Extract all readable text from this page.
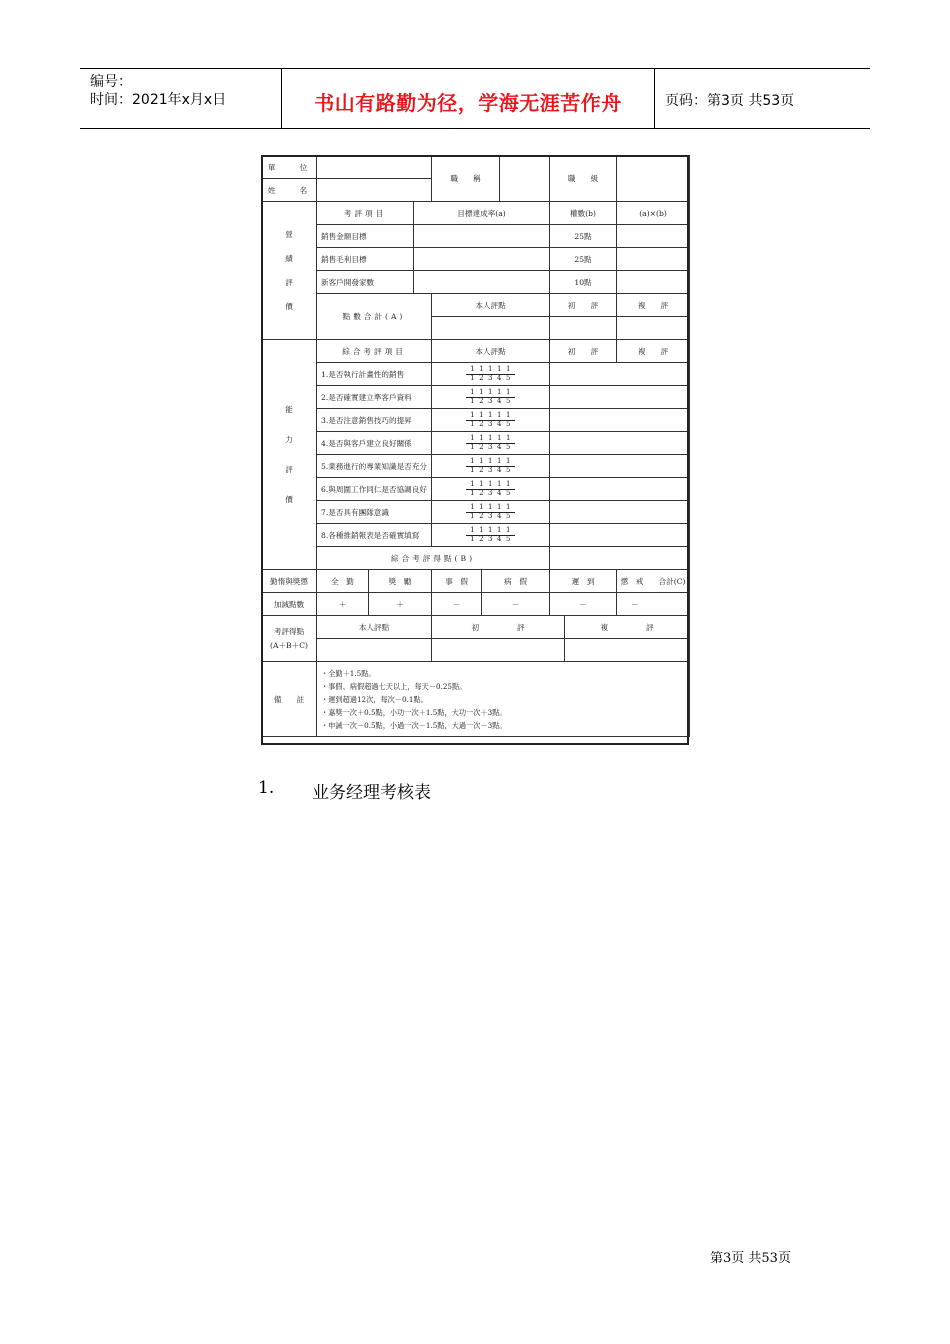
编号：
时间：2021年x月x日	书山有路勤为径，学海无涯苦作舟	页码：第3页 共53页
單　　位				職　　稱			職　　級		
姓　　名									

營　績　評　價	考評項目		目標達成率(a)				權數(b)		(a)×(b)
	銷售金額目標						25點		
	銷售毛利目標						25點		
	新客戶開發家數						10點		
	點數合計(A)			本人評點			初　　評		複　　評

能　　力　　評　　價	綜合考評項目			本人評點			初　　評		複　　評
	1.是否執行計畫性的銷售			$\frac{11111}{12345}$

	2.是否確實建立準客戶資料			$\frac{11111}{12345}$

	3.是否注意銷售技巧的提昇			$\frac{11111}{12345}$

	4.是否與客戶建立良好關係			$\frac{11111}{12345}$

	5.業務進行的專業知識是否充分			$\frac{11111}{12345}$

	6.與周圍工作同仁是否協調良好			$\frac{11111}{12345}$

	7.是否具有團隊意識			$\frac{11111}{12345}$

	8.各種推銷報表是否確實填寫			$\frac{11111}{12345}$

	綜合考評得點(B)								
勤惰與獎懲	全　勤	獎　勵		事　假	病　假		遲　到		懲　戒　　 合計(C)
加減點數	＋	＋		－	－		－		－

考評得點
(A＋B＋C)	本人評點			初　　　　　評				複　　　　　評	

備　　註	・全勤＋1.5點。
・事假、病假超過七天以上，每天－0.25點。
・遲到超過12次，每次－0.1點。
・嘉獎一次＋0.5點，小功一次＋1.5點，大功一次＋3點。
・申誡一次－0.5點，小過一次－1.5點，大過一次－3點。								
1. 业务经理考核表
第3页 共53页
